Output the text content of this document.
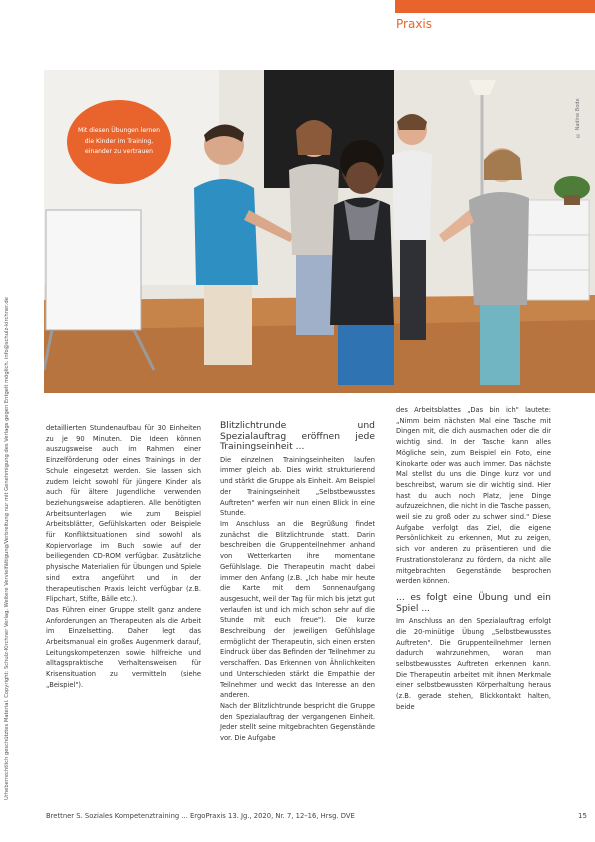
Praxis
Urheberrechtlich geschütztes Material. Copyright: Schulz-Kirchner Verlag. Weitere Vervielfältigung/Verbreitung nur mit Genehmigung des Verlags gegen Entgelt möglich. info@schulz-kirchner.de
Mit diesen Übungen lernen die Kinder im Training, einander zu vertrauen
© Nadine Bode

detaillierten Stundenaufbau für 30 Einheiten zu je 90 Minuten. Die Ideen können auszugsweise auch im Rahmen einer Einzelförderung oder eines Trainings in der Schule eingesetzt werden. Sie lassen sich zudem leicht sowohl für jüngere Kinder als auch für ältere Jugendliche verwenden beziehungsweise adaptieren. Alle benötigten Arbeitsunterlagen wie zum Beispiel Arbeitsblätter, Gefühlskarten oder Beispiele für Konfliktsituationen sind sowohl als Kopiervorlage im Buch sowie auf der beiliegenden CD-ROM verfügbar. Zusätzliche physische Materialien für Übungen und Spiele sind extra angeführt und in der therapeutischen Praxis leicht verfügbar (z.B. Flipchart, Stifte, Bälle etc.).

Das Führen einer Gruppe stellt ganz andere Anforderungen an Therapeuten als die Arbeit im Einzelsetting. Daher legt das Arbeitsmanual ein großes Augenmerk darauf, Leitungskompetenzen sowie hilfreiche und alltagspraktische Verhaltensweisen für Krisensituation zu vermitteln (siehe „Beispiel").

Blitzlichtrunde und Spezialauftrag eröffnen jede Trainingseinheit ...

Die einzelnen Trainingseinheiten laufen immer gleich ab. Dies wirkt strukturierend und stärkt die Gruppe als Einheit. Am Beispiel der Trainingseinheit „Selbstbewusstes Auftreten" werfen wir nun einen Blick in eine Stunde.

Im Anschluss an die Begrüßung findet zunächst die Blitzlichtrunde statt. Darin beschreiben die Gruppenteilnehmer anhand von Wetterkarten ihre momentane Gefühlslage. Die Therapeutin macht dabei immer den Anfang (z.B. „Ich habe mir heute die Karte mit dem Sonnenaufgang ausgesucht, weil der Tag für mich bis jetzt gut verlaufen ist und ich mich schon sehr auf die Stunde mit euch freue"). Die kurze Beschreibung der jeweiligen Gefühlslage ermöglicht der Therapeutin, sich einen ersten Eindruck über das Befinden der Teilnehmer zu verschaffen. Das Erkennen von Ähnlichkeiten und Unterschieden stärkt die Empathie der Teilnehmer und weckt das Interesse an den anderen.

Nach der Blitzlichtrunde bespricht die Gruppe den Spezialauftrag der vergangenen Einheit. Jeder stellt seine mitgebrachten Gegenstände vor. Die Aufgabe

des Arbeitsblattes „Das bin ich" lautete: „Nimm beim nächsten Mal eine Tasche mit Dingen mit, die dich ausmachen oder die dir wichtig sind. In der Tasche kann alles Mögliche sein, zum Beispiel ein Foto, eine Kinokarte oder was auch immer. Das nächste Mal stellst du uns die Dinge kurz vor und beschreibst, warum sie dir wichtig sind. Hier hast du auch noch Platz, jene Dinge aufzuzeichnen, die nicht in die Tasche passen, weil sie zu groß oder zu schwer sind." Diese Aufgabe verfolgt das Ziel, die eigene Persönlichkeit zu erkennen, Mut zu zeigen, sich vor anderen zu präsentieren und die Frustrationstoleranz zu fördern, da nicht alle mitgebrachten Gegenstände besprochen werden können.

... es folgt eine Übung und ein Spiel ...

Im Anschluss an den Spezialauftrag erfolgt die 20-minütige Übung „Selbstbewusstes Auftreten". Die Gruppenteilnehmer lernen dadurch wahrzunehmen, woran man selbstbewusstes Auftreten erkennen kann. Die Therapeutin arbeitet mit ihnen Merkmale einer selbstbewussten Körperhaltung heraus (z.B. gerade stehen, Blickkontakt halten, beide

Brettner S. Soziales Kompetenztraining ... ErgoPraxis 13. Jg., 2020, Nr. 7, 12–16, Hrsg. DVE	15
